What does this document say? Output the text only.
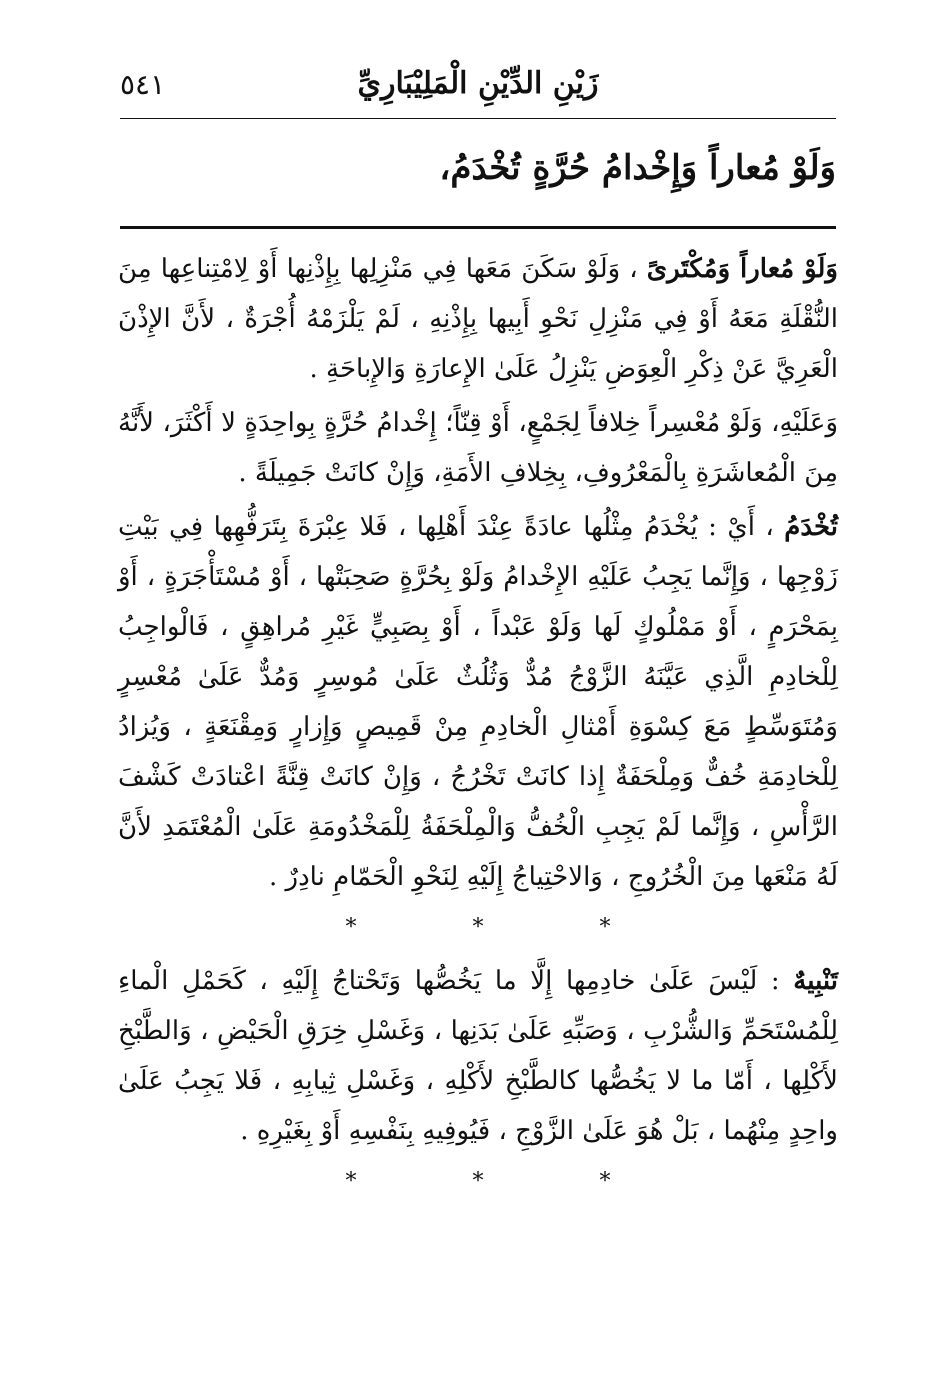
٥٤١	زَيْنِ الدِّيْنِ الْمَلِيْبَارِيِّ
وَلَوْ مُعاراً وَإِخْدامُ حُرَّةٍ تُخْدَمُ،

وَلَوْ مُعاراً وَمُكْتَرىً ، وَلَوْ سَكَنَ مَعَها فِي مَنْزِلِها بِإِذْنِها أَوْ لِامْتِناعِها مِنَ النُّقْلَةِ مَعَهُ أَوْ فِي مَنْزِلِ نَحْوِ أَبِيها بِإِذْنِهِ ، لَمْ يَلْزَمْهُ أُجْرَةٌ ، لأَنَّ الإِذْنَ الْعَرِيَّ عَنْ ذِكْرِ الْعِوَضِ يَنْزِلُ عَلَىٰ الإِعارَةِ وَالإِباحَةِ .

وَعَلَيْهِ، وَلَوْ مُعْسِراً خِلافاً لِجَمْعٍ، أَوْ قِنّاً؛ إِخْدامُ حُرَّةٍ بِواحِدَةٍ لا أَكْثَرَ، لأَنَّهُ مِنَ الْمُعاشَرَةِ بِالْمَعْرُوفِ، بِخِلافِ الأَمَةِ، وَإِنْ كانَتْ جَمِيلَةً .

تُخْدَمُ ، أَيْ : يُخْدَمُ مِثْلُها عادَةً عِنْدَ أَهْلِها ، فَلا عِبْرَةَ بِتَرَفُّهِها فِي بَيْتِ زَوْجِها ، وَإِنَّما يَجِبُ عَلَيْهِ الإِخْدامُ وَلَوْ بِحُرَّةٍ صَحِبَتْها ، أَوْ مُسْتَأْجَرَةٍ ، أَوْ بِمَحْرَمٍ ، أَوْ مَمْلُوكٍ لَها وَلَوْ عَبْداً ، أَوْ بِصَبِيٍّ غَيْرِ مُراهِقٍ ، فَالْواجِبُ لِلْخادِمِ الَّذِي عَيَّنَهُ الزَّوْجُ مُدٌّ وَثُلُثٌ عَلَىٰ مُوسِرٍ وَمُدٌّ عَلَىٰ مُعْسِرٍ وَمُتَوَسِّطٍ مَعَ كِسْوَةِ أَمْثالِ الْخادِمِ مِنْ قَمِيصٍ وَإِزارٍ وَمِقْنَعَةٍ ، وَيُزادُ لِلْخادِمَةِ خُفٌّ وَمِلْحَفَةٌ إِذا كانَتْ تَخْرُجُ ، وَإِنْ كانَتْ قِنَّةً اعْتادَتْ كَشْفَ الرَّأْسِ ، وَإِنَّما لَمْ يَجِبِ الْخُفُّ وَالْمِلْحَفَةُ لِلْمَخْدُومَةِ عَلَىٰ الْمُعْتَمَدِ لأَنَّ لَهُ مَنْعَها مِنَ الْخُرُوجِ ، وَالاحْتِياجُ إِلَيْهِ لِنَحْوِ الْحَمّامِ نادِرٌ .

*	*	*

تَنْبِيهٌ : لَيْسَ عَلَىٰ خادِمِها إِلَّا ما يَخُصُّها وَتَحْتاجُ إِلَيْهِ ، كَحَمْلِ الْماءِ لِلْمُسْتَحَمِّ وَالشُّرْبِ ، وَصَبِّهِ عَلَىٰ بَدَنِها ، وَغَسْلِ خِرَقِ الْحَيْضِ ، وَالطَّبْخِ لأَكْلِها ، أَمّا ما لا يَخُصُّها كالطَّبْخِ لأَكْلِهِ ، وَغَسْلِ ثِيابِهِ ، فَلا يَجِبُ عَلَىٰ واحِدٍ مِنْهُما ، بَلْ هُوَ عَلَىٰ الزَّوْجِ ، فَيُوفِيهِ بِنَفْسِهِ أَوْ بِغَيْرِهِ .

*	*	*
